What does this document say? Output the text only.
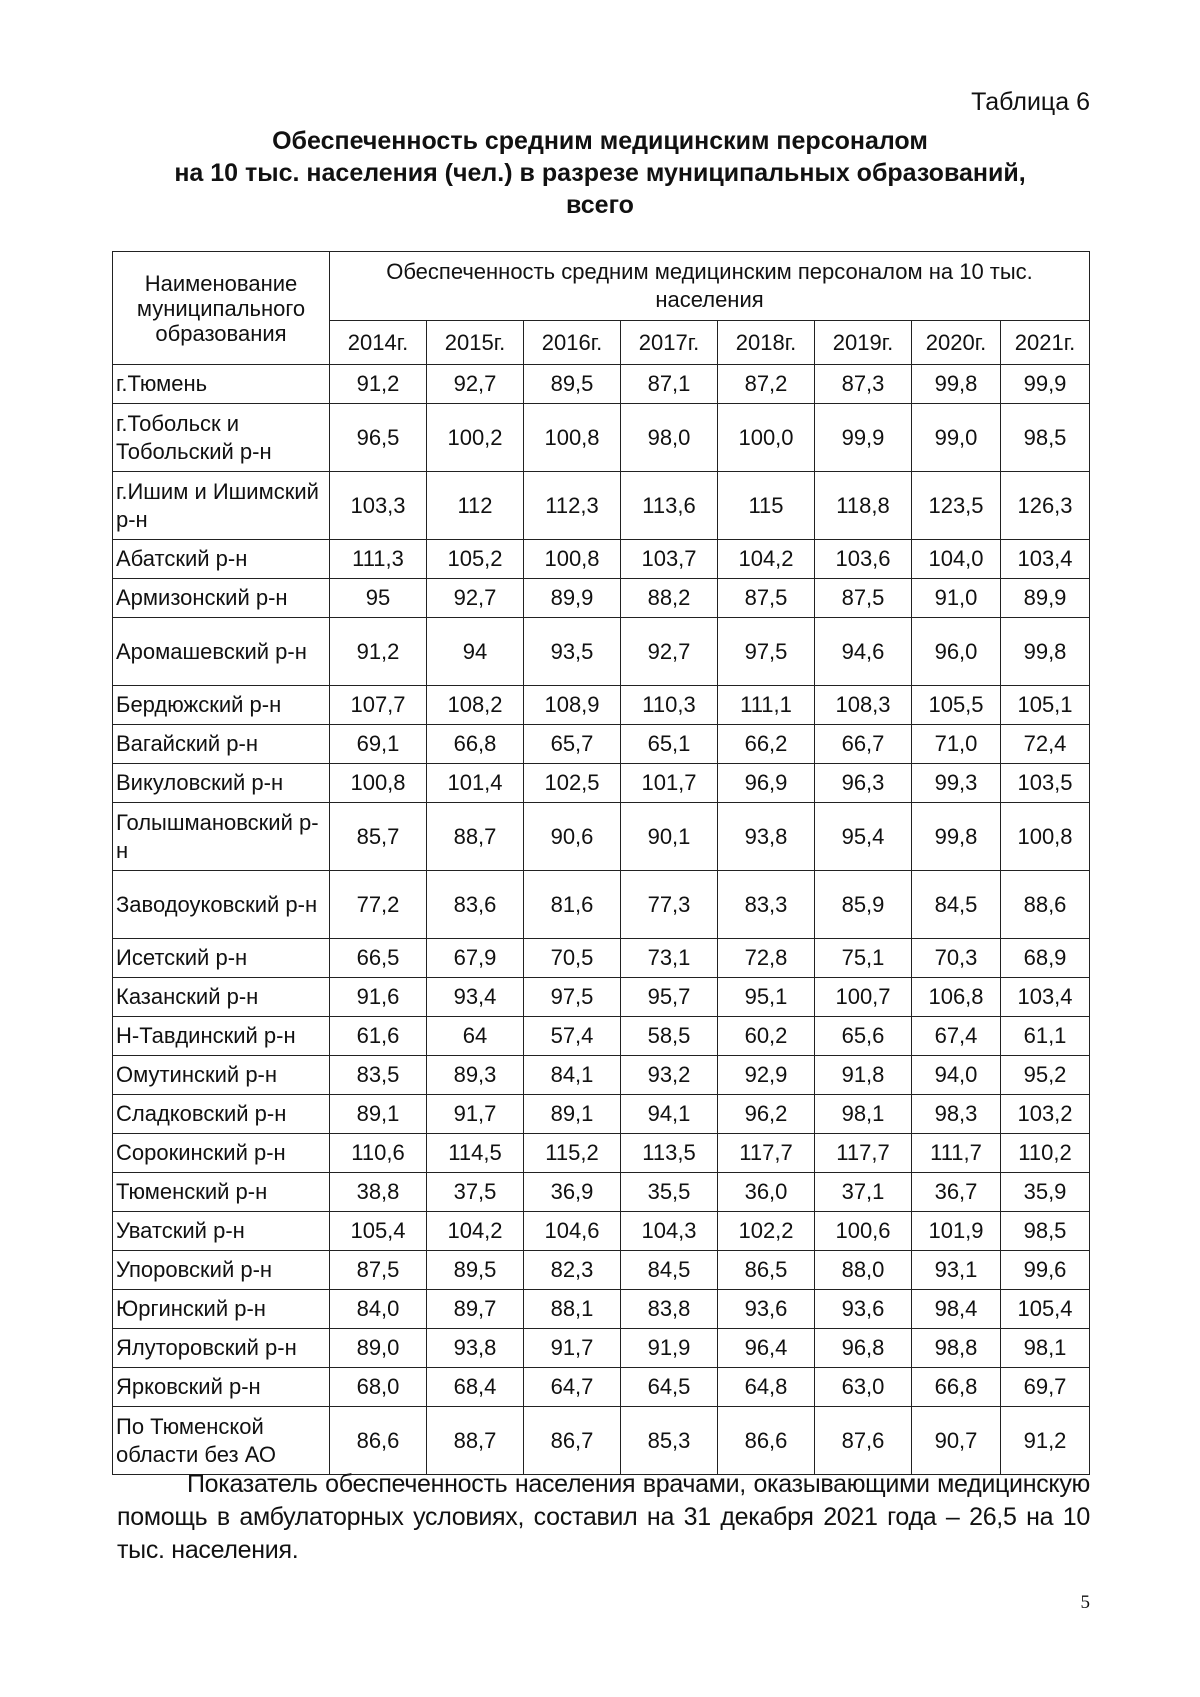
Таблица 6
Обеспеченность средним медицинским персоналом
на 10 тыс. населения (чел.) в разрезе муниципальных образований,
всего
Наименование муниципального образования	Обеспеченность средним медицинским персоналом на 10 тыс. населения							
	2014г.	2015г.	2016г.	2017г.	2018г.	2019г.	2020г.	2021г.
г.Тюмень	91,2	92,7	89,5	87,1	87,2	87,3	99,8	99,9
г.Тобольск и Тобольский р-н	96,5	100,2	100,8	98,0	100,0	99,9	99,0	98,5
г.Ишим и Ишимский р-н	103,3	112	112,3	113,6	115	118,8	123,5	126,3
Абатский р-н	111,3	105,2	100,8	103,7	104,2	103,6	104,0	103,4
Армизонский р-н	95	92,7	89,9	88,2	87,5	87,5	91,0	89,9
Аромашевский р-н	91,2	94	93,5	92,7	97,5	94,6	96,0	99,8
Бердюжский р-н	107,7	108,2	108,9	110,3	111,1	108,3	105,5	105,1
Вагайский р-н	69,1	66,8	65,7	65,1	66,2	66,7	71,0	72,4
Викуловский р-н	100,8	101,4	102,5	101,7	96,9	96,3	99,3	103,5
Голышмановский р-н	85,7	88,7	90,6	90,1	93,8	95,4	99,8	100,8
Заводоуковский р-н	77,2	83,6	81,6	77,3	83,3	85,9	84,5	88,6
Исетский р-н	66,5	67,9	70,5	73,1	72,8	75,1	70,3	68,9
Казанский р-н	91,6	93,4	97,5	95,7	95,1	100,7	106,8	103,4
Н-Тавдинский р-н	61,6	64	57,4	58,5	60,2	65,6	67,4	61,1
Омутинский р-н	83,5	89,3	84,1	93,2	92,9	91,8	94,0	95,2
Сладковский р-н	89,1	91,7	89,1	94,1	96,2	98,1	98,3	103,2
Сорокинский р-н	110,6	114,5	115,2	113,5	117,7	117,7	111,7	110,2
Тюменский р-н	38,8	37,5	36,9	35,5	36,0	37,1	36,7	35,9
Уватский р-н	105,4	104,2	104,6	104,3	102,2	100,6	101,9	98,5
Упоровский р-н	87,5	89,5	82,3	84,5	86,5	88,0	93,1	99,6
Юргинский р-н	84,0	89,7	88,1	83,8	93,6	93,6	98,4	105,4
Ялуторовский р-н	89,0	93,8	91,7	91,9	96,4	96,8	98,8	98,1
Ярковский р-н	68,0	68,4	64,7	64,5	64,8	63,0	66,8	69,7
По Тюменской области без АО	86,6	88,7	86,7	85,3	86,6	87,6	90,7	91,2
Показатель обеспеченность населения врачами, оказывающими медицинскую помощь в амбулаторных условиях, составил на 31 декабря 2021 года – 26,5 на 10 тыс. населения.
5
